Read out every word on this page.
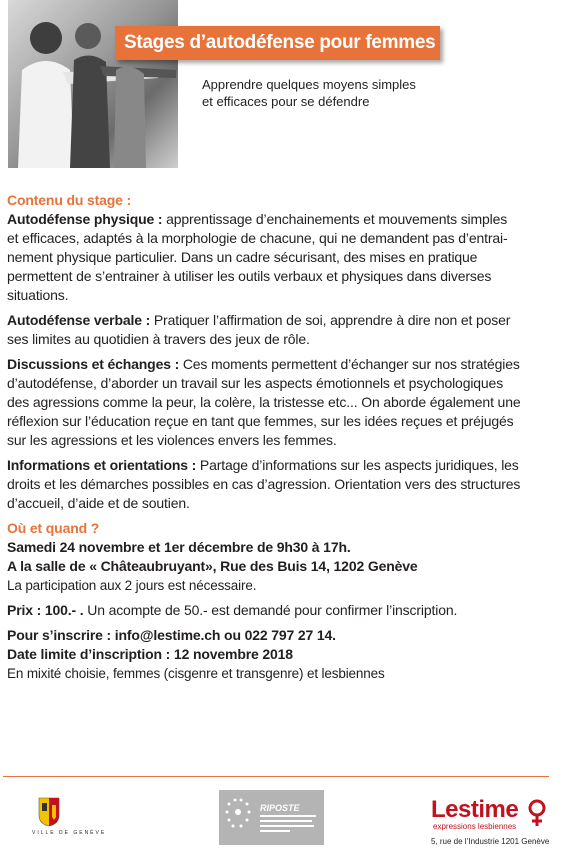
Stages d’autodéfense pour femmes
Apprendre quelques moyens simples
et efficaces pour se défendre
Contenu du stage :
Autodéfense physique : apprentissage d’enchainements et mouvements simples
et efficaces, adaptés à la morphologie de chacune, qui ne demandent pas d’entrai-
nement physique particulier. Dans un cadre sécurisant, des mises en pratique
permettent de s’entrainer à utiliser les outils verbaux et physiques dans diverses
situations.
Autodéfense verbale : Pratiquer l’affirmation de soi, apprendre à dire non et poser
ses limites au quotidien à travers des jeux de rôle.
Discussions et échanges : Ces moments permettent d’échanger sur nos stratégies
d’autodéfense, d’aborder un travail sur les aspects émotionnels et psychologiques
des agressions comme la peur, la colère, la tristesse etc... On aborde également une
réflexion sur l’éducation reçue en tant que femmes, sur les idées reçues et préjugés
sur les agressions et les violences envers les femmes.
Informations et orientations : Partage d’informations sur les aspects juridiques, les
droits et les démarches possibles en cas d’agression. Orientation vers des structures
d’accueil, d’aide et de soutien.
Où et quand ?
Samedi 24 novembre et 1er décembre de 9h30 à 17h.
A la salle de « Châteaubruyant», Rue des Buis 14, 1202 Genève
La participation aux 2 jours est nécessaire.
Prix : 100.- . Un acompte de 50.- est demandé pour confirmer l’inscription.
Pour s’inscrire : info@lestime.ch ou 022 797 27 14.
Date limite d’inscription : 12 novembre 2018
En mixité choisie, femmes (cisgenre et transgenre) et lesbiennes
VILLE DE GENÈVE
RIPOSTE	Lestime
expressions lesbiennes
5, rue de l’Industrie 1201 Genève
